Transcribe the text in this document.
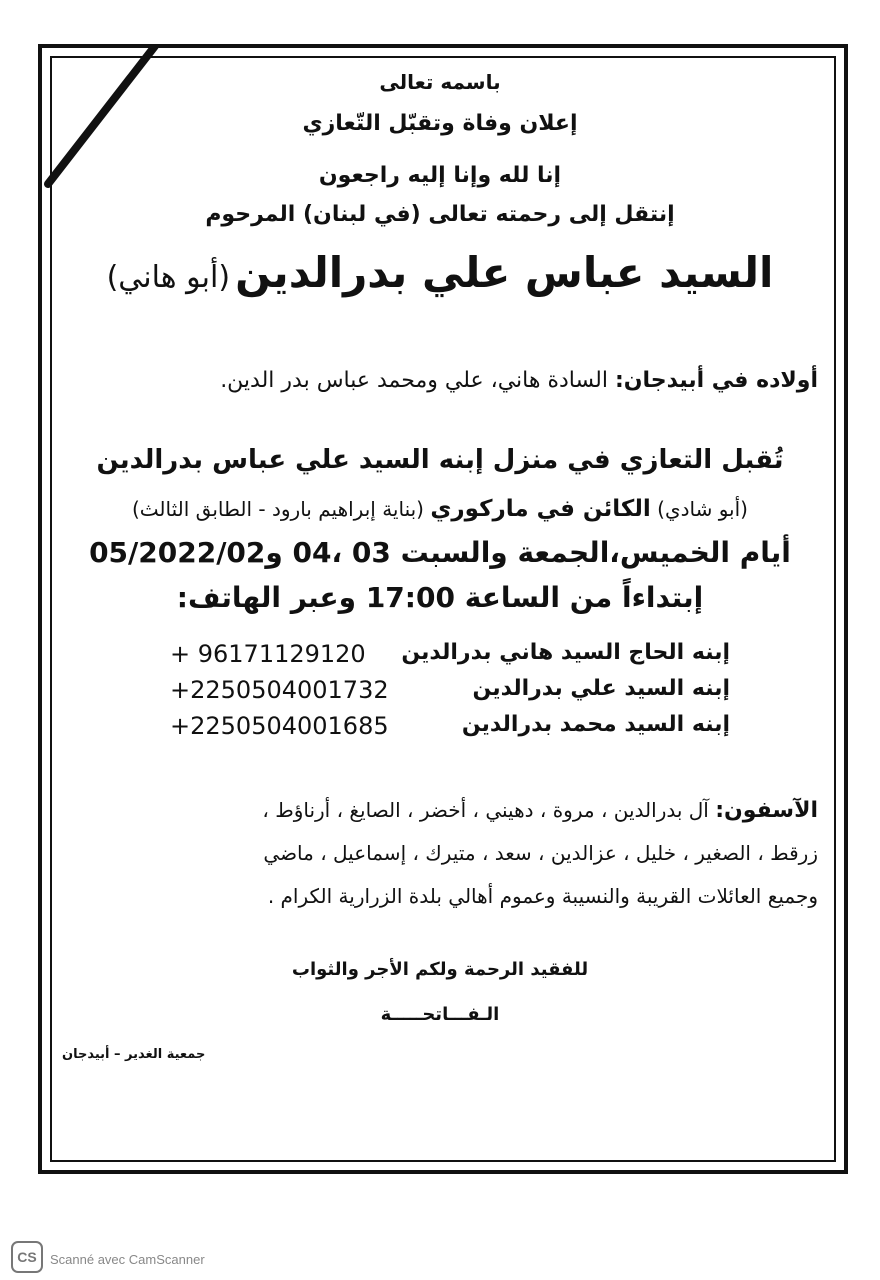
باسمه تعالى
إعلان وفاة وتقبّل التّعازي
إنا لله وإنا إليه راجعون
إنتقل إلى رحمته تعالى (في لبنان) المرحوم
السيد عباس علي بدرالدين (أبو هاني)
أولاده في أبيدجان: السادة هاني، علي ومحمد عباس بدر الدين.
تُقبل التعازي في منزل إبنه السيد علي عباس بدرالدين
(أبو شادي) الكائن في ماركوري (بناية إبراهيم بارود - الطابق الثالث)
أيام الخميس،الجمعة والسبت 03 ،04 و05/2022/02
إبتداءاً من الساعة 17:00 وعبر الهاتف:
إبنه الحاج السيد هاني بدرالدين
+ 96171129120
إبنه السيد علي بدرالدين
+2250504001732
إبنه السيد محمد بدرالدين
+2250504001685
الآسفون: آل بدرالدين ، مروة ، دهيني ، أخضر ، الصايغ ، أرناؤط ،
زرقط ، الصغير ، خليل ، عزالدين ، سعد ، متيرك ، إسماعيل ، ماضي
وجميع العائلات القريبة والنسيبة وعموم أهالي بلدة الزرارية الكرام .
للفقيد الرحمة ولكم الأجر والثواب
الـفـــاتحـــــة
جمعية الغدير – أبيدجان
CS Scanné avec CamScanner
